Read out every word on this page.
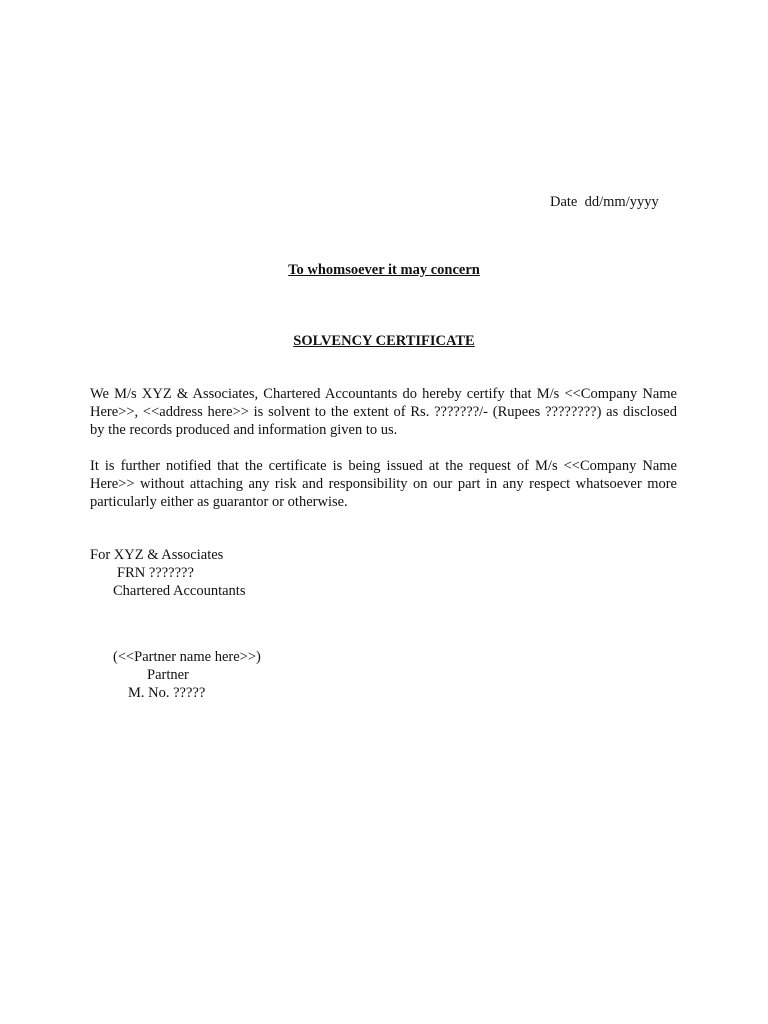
Date  dd/mm/yyyy
To whomsoever it may concern
SOLVENCY CERTIFICATE

We M/s XYZ & Associates, Chartered Accountants do hereby certify that M/s <<Company Name Here>>, <<address here>> is solvent to the extent of Rs. ???????/- (Rupees ????????) as disclosed by the records produced and information given to us.

It is further notified that the certificate is being issued at the request of M/s <<Company Name Here>> without attaching any risk and responsibility on our part in any respect whatsoever more particularly either as guarantor or otherwise.

For XYZ & Associates
FRN ???????
Chartered Accountants
(<<Partner name here>>)
Partner
M. No. ?????
